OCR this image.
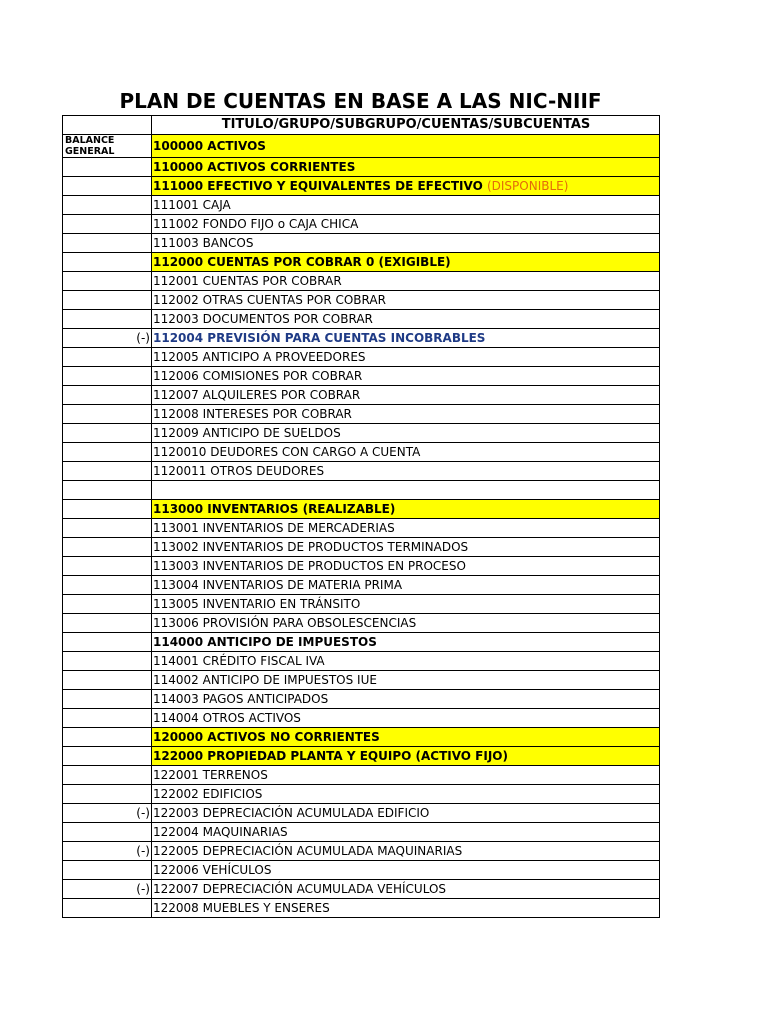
PLAN DE CUENTAS EN BASE A LAS NIC-NIIF
	TITULO/GRUPO/SUBGRUPO/CUENTAS/SUBCUENTAS
BALANCE GENERAL	100000 ACTIVOS
	110000 ACTIVOS CORRIENTES
	111000 EFECTIVO Y EQUIVALENTES DE EFECTIVO (DISPONIBLE)
	111001 CAJA
	111002 FONDO FIJO o CAJA CHICA
	111003 BANCOS
	112000 CUENTAS POR COBRAR 0 (EXIGIBLE)
	112001 CUENTAS POR COBRAR
	112002 OTRAS CUENTAS POR COBRAR
	112003 DOCUMENTOS POR COBRAR
(-)	112004 PREVISIÓN PARA CUENTAS INCOBRABLES
	112005 ANTICIPO A PROVEEDORES
	112006 COMISIONES POR COBRAR
	112007 ALQUILERES POR COBRAR
	112008 INTERESES POR COBRAR
	112009 ANTICIPO DE SUELDOS
	1120010 DEUDORES CON CARGO A CUENTA
	1120011 OTROS DEUDORES

	113000 INVENTARIOS (REALIZABLE)
	113001 INVENTARIOS DE MERCADERIAS
	113002 INVENTARIOS DE PRODUCTOS TERMINADOS
	113003 INVENTARIOS DE PRODUCTOS EN PROCESO
	113004 INVENTARIOS DE MATERIA PRIMA
	113005 INVENTARIO EN TRÁNSITO
	113006 PROVISIÓN PARA OBSOLESCENCIAS
	114000 ANTICIPO DE IMPUESTOS
	114001 CRÉDITO FISCAL IVA
	114002 ANTICIPO DE IMPUESTOS IUE
	114003 PAGOS ANTICIPADOS
	114004 OTROS ACTIVOS
	120000 ACTIVOS NO CORRIENTES
	122000 PROPIEDAD PLANTA Y EQUIPO (ACTIVO FIJO)
	122001 TERRENOS
	122002 EDIFICIOS
(-)	122003 DEPRECIACIÓN ACUMULADA EDIFICIO
	122004 MAQUINARIAS
(-)	122005 DEPRECIACIÓN ACUMULADA MAQUINARIAS
	122006 VEHÍCULOS
(-)	122007 DEPRECIACIÓN ACUMULADA VEHÍCULOS
	122008 MUEBLES Y ENSERES
